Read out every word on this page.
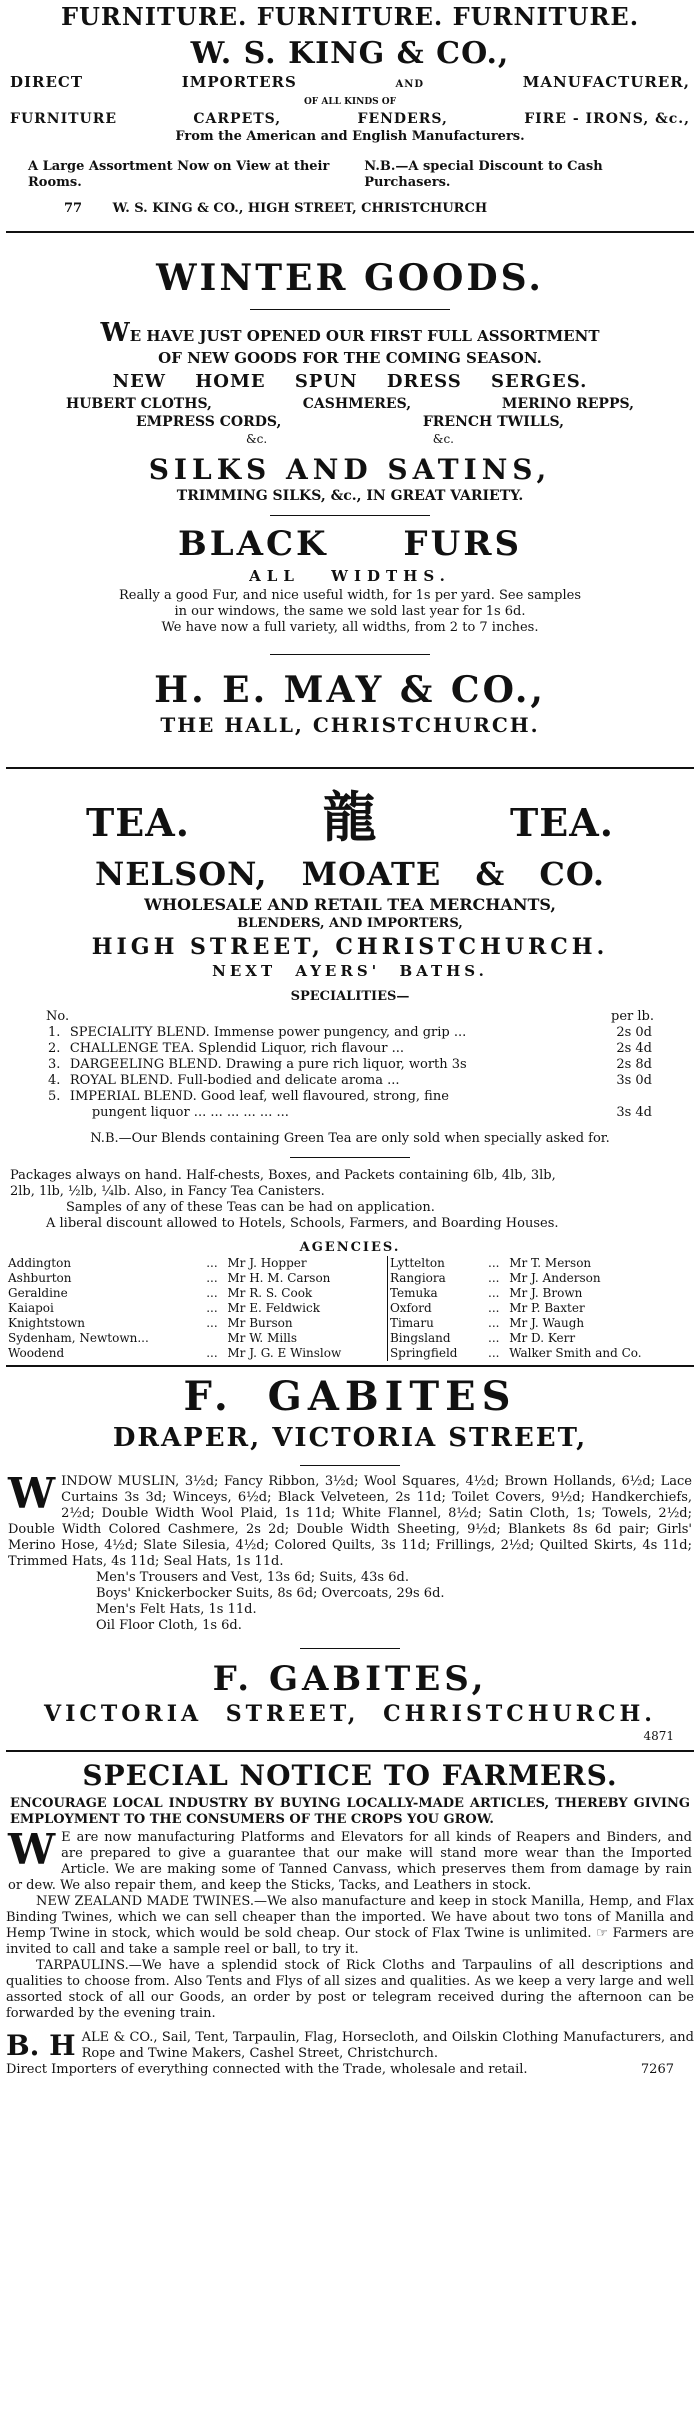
FURNITURE. FURNITURE. FURNITURE.
W. S. KING & CO.,
DIRECT	IMPORTERS	AND	MANUFACTURER,
OF ALL KINDS OF
FURNITURE	CARPETS,	FENDERS,	FIRE - IRONS, &c.,
From the American and English Manufacturers.
A Large Assortment Now on View at their Rooms.
N.B.—A special Discount to Cash Purchasers.
77 W. S. KING & CO., HIGH STREET, CHRISTCHURCH
WINTER GOODS.
WE HAVE JUST OPENED OUR FIRST FULL ASSORTMENT
OF NEW GOODS FOR THE COMING SEASON.
NEW HOME SPUN DRESS SERGES.
HUBERT CLOTHS,	CASHMERES,	MERINO REPPS,
EMPRESS CORDS,	FRENCH TWILLS,
&c.	&c.
SILKS AND SATINS,
TRIMMING SILKS, &c., IN GREAT VARIETY.
BLACK FURS
ALL WIDTHS.
Really a good Fur, and nice useful width, for 1s per yard. See samples
in our windows, the same we sold last year for 1s 6d.
We have now a full variety, all widths, from 2 to 7 inches.
H. E. MAY & CO.,
THE HALL, CHRISTCHURCH.
TEA. 龍	TEA.
NELSON, MOATE & CO.
WHOLESALE AND RETAIL TEA MERCHANTS,
BLENDERS, AND IMPORTERS,
HIGH STREET, CHRISTCHURCH.
NEXT AYERS' BATHS.
SPECIALITIES—
No.	per lb.
1.	SPECIALITY BLEND. Immense power pungency, and grip ...	2s 0d
2.	CHALLENGE TEA. Splendid Liquor, rich flavour ...	2s 4d
3.	DARGEELING BLEND. Drawing a pure rich liquor, worth 3s	2s 8d
4.	ROYAL BLEND. Full-bodied and delicate aroma ...	3s 0d
5.	IMPERIAL BLEND. Good leaf, well flavoured, strong, fine	
	pungent liquor ... ... ... ... ... ...	3s 4d
N.B.—Our Blends containing Green Tea are only sold when specially asked for.
Packages always on hand. Half-chests, Boxes, and Packets containing 6lb, 4lb, 3lb,
2lb, 1lb, ½lb, ¼lb. Also, in Fancy Tea Canisters.
Samples of any of these Teas can be had on application.
A liberal discount allowed to Hotels, Schools, Farmers, and Boarding Houses.
AGENCIES.
Addington	...	Mr J. Hopper	Lyttelton	...	Mr T. Merson
Ashburton	...	Mr H. M. Carson	Rangiora	...	Mr J. Anderson
Geraldine	...	Mr R. S. Cook	Temuka	...	Mr J. Brown
Kaiapoi	...	Mr E. Feldwick	Oxford	...	Mr P. Baxter
Knightstown	...	Mr Burson	Timaru	...	Mr J. Waugh
Sydenham, Newtown...		Mr W. Mills	Bingsland	...	Mr D. Kerr
Woodend	...	Mr J. G. E Winslow	Springfield	...	Walker Smith and Co.
F. GABITES
DRAPER, VICTORIA STREET,
WINDOW MUSLIN, 3½d; Fancy Ribbon, 3½d; Wool Squares, 4½d; Brown Hollands, 6½d; Lace Curtains 3s 3d; Winceys, 6½d; Black Velveteen, 2s 11d; Toilet Covers, 9½d; Handkerchiefs, 2½d; Double Width Wool Plaid, 1s 11d; White Flannel, 8½d; Satin Cloth, 1s; Towels, 2½d; Double Width Colored Cashmere, 2s 2d; Double Width Sheeting, 9½d; Blankets 8s 6d pair; Girls' Merino Hose, 4½d; Slate Silesia, 4½d; Colored Quilts, 3s 11d; Frillings, 2½d; Quilted Skirts, 4s 11d; Trimmed Hats, 4s 11d; Seal Hats, 1s 11d.
Men's Trousers and Vest, 13s 6d; Suits, 43s 6d.
Boys' Knickerbocker Suits, 8s 6d; Overcoats, 29s 6d.
Men's Felt Hats, 1s 11d.
Oil Floor Cloth, 1s 6d.
F. GABITES,
VICTORIA STREET, CHRISTCHURCH.
4871
SPECIAL NOTICE TO FARMERS.
ENCOURAGE LOCAL INDUSTRY BY BUYING LOCALLY-MADE ARTICLES, THEREBY GIVING EMPLOYMENT TO THE CONSUMERS OF THE CROPS YOU GROW.
W E are now manufacturing Platforms and Elevators for all kinds of Reapers and Binders, and are prepared to give a guarantee that our make will stand more wear than the Imported Article. We are making some of Tanned Canvass, which preserves them from damage by rain or dew. We also repair them, and keep the Sticks, Tacks, and Leathers in stock.
NEW ZEALAND MADE TWINES.—We also manufacture and keep in stock Manilla, Hemp, and Flax Binding Twines, which we can sell cheaper than the imported. We have about two tons of Manilla and Hemp Twine in stock, which would be sold cheap. Our stock of Flax Twine is unlimited. ☞ Farmers are invited to call and take a sample reel or ball, to try it.
TARPAULINS.—We have a splendid stock of Rick Cloths and Tarpaulins of all descriptions and qualities to choose from. Also Tents and Flys of all sizes and qualities. As we keep a very large and well assorted stock of all our Goods, an order by post or telegram received during the afternoon can be forwarded by the evening train.
B. H ALE & CO., Sail, Tent, Tarpaulin, Flag, Horsecloth, and Oilskin Clothing Manufacturers, and Rope and Twine Makers, Cashel Street, Christchurch.
Direct Importers of everything connected with the Trade, wholesale and retail.	7267
